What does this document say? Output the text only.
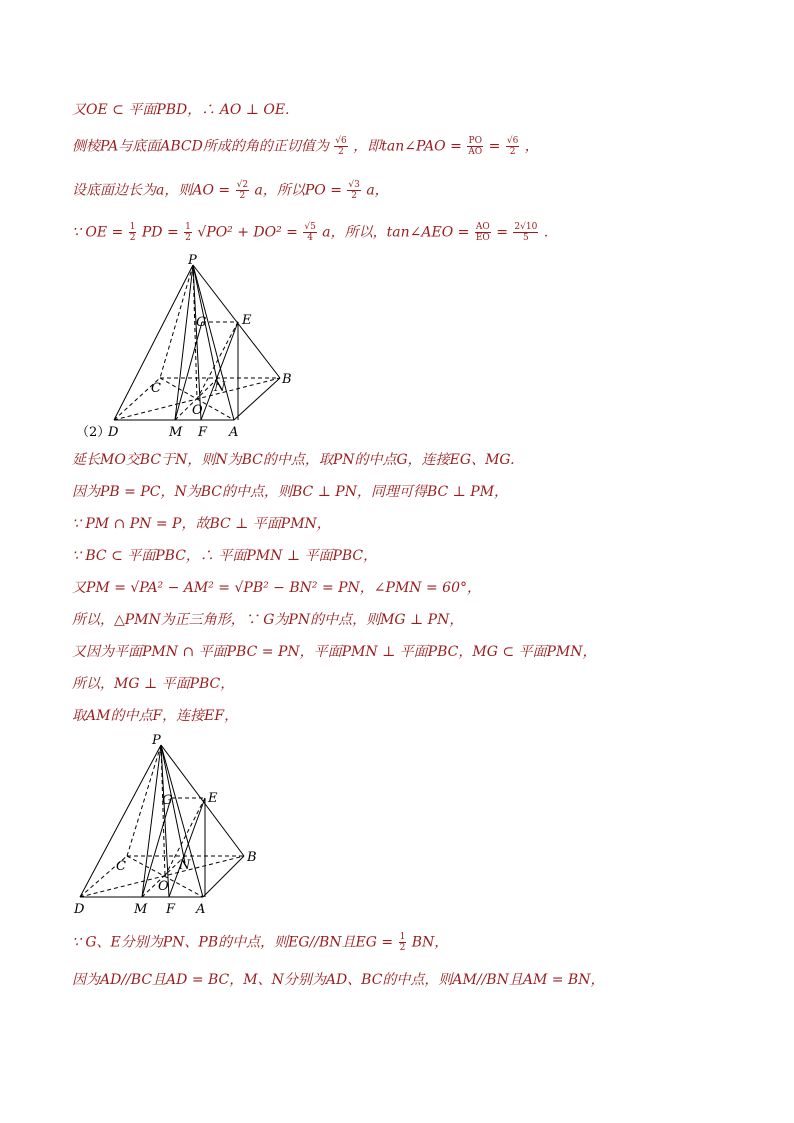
又OE ⊂ 平面PBD，∴ AO ⊥ OE.
侧棱PA与底面ABCD所成的角的正切值为 $\frac{√6}{2}$ ，即tan∠PAO = $\frac{PO}{AO} = \frac{√6}{2}$ ，
设底面边长为a，则AO = $\frac{√2}{2}$ a，所以PO = $\frac{√3}{2}$ a，
∵ OE = $\frac{1}{2}$ PD = $\frac{1}{2} √PO^2 + DO^2 = \frac{√5}{4}$ a，所以，tan∠AEO = $\frac{AO}{EO} = \frac{2√10}{5}$ .
P
G	E
B
C	N
O
D	M F A
（2）
延长MO交BC于N，则N为BC的中点，取PN的中点G，连接EG、MG.
因为PB = PC，N为BC的中点，则BC ⊥ PN，同理可得BC ⊥ PM，
∵ PM ∩ PN = P，故BC ⊥ 平面PMN，
∵ BC ⊂ 平面PBC，∴ 平面PMN ⊥ 平面PBC，
又PM = √PA² − AM² = √PB² − BN² = PN，∠PMN = 60°，
所以，△PMN为正三角形，∵ G为PN的中点，则MG ⊥ PN，
又因为平面PMN ∩ 平面PBC = PN，平面PMN ⊥ 平面PBC，MG ⊂ 平面PMN，
所以，MG ⊥ 平面PBC，
取AM的中点F，连接EF，
P
G	E
B
C	N
O
D	M F A
∵ G、E分别为PN、PB的中点，则EG//BN且EG = $\frac{1}{2}$ BN，
因为AD//BC且AD = BC，M、N分别为AD、BC的中点，则AM//BN且AM = BN，
